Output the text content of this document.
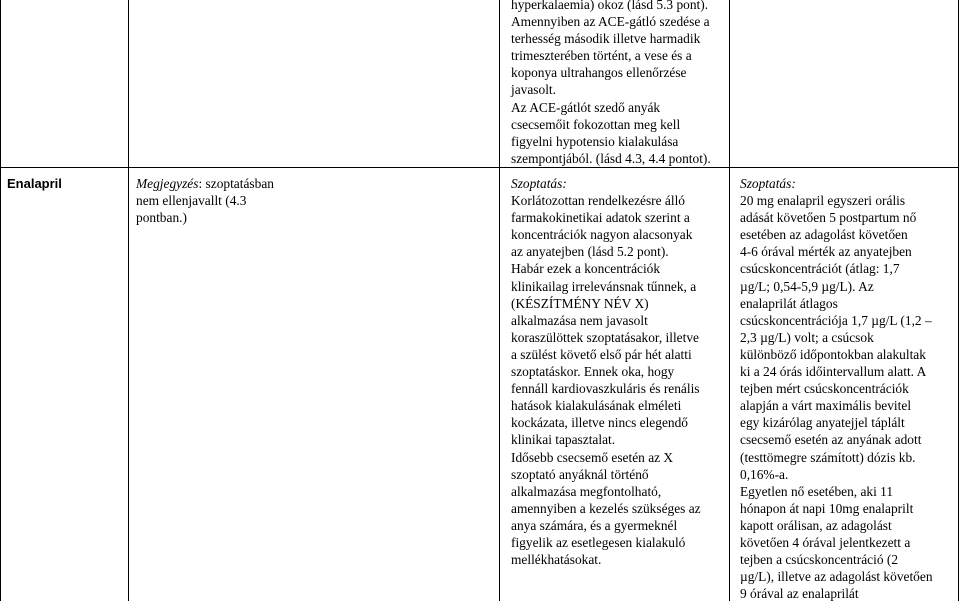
hyperkalaemia) okoz (lásd 5.3 pont).

Amennyiben az ACE-gátló szedése a

terhesség második illetve harmadik

trimeszterében történt, a vese és a

koponya ultrahangos ellenőrzése

javasolt.

Az ACE-gátlót szedő anyák

csecsemőit fokozottan meg kell

figyelni hypotensio kialakulása

szempontjából. (lásd 4.3, 4.4 pontot).

Enalapril	Megjegyzés: szoptatásban nem ellenjavallt (4.3 pontban.)

Szoptatás:

Korlátozottan rendelkezésre álló

farmakokinetikai adatok szerint a

koncentrációk nagyon alacsonyak

az anyatejben (lásd 5.2 pont).

Habár ezek a koncentrációk

klinikailag irrelevánsnak tűnnek, a

(KÉSZÍTMÉNY NÉV X)

alkalmazása nem javasolt

koraszülöttek szoptatásakor, illetve

a szülést követő első pár hét alatti

szoptatáskor. Ennek oka, hogy

fennáll kardiovaszkuláris és renális

hatások kialakulásának elméleti

kockázata, illetve nincs elegendő

klinikai tapasztalat.

Idősebb csecsemő esetén az X

szoptató anyáknál történő

alkalmazása megfontolható,

amennyiben a kezelés szükséges az

anya számára, és a gyermeknél

figyelik az esetlegesen kialakuló

mellékhatásokat.

Szoptatás:

20 mg enalapril egyszeri orális

adását követően 5 postpartum nő

esetében az adagolást követően

4-6 órával mérték az anyatejben

csúcskoncentrációt (átlag: 1,7

µg/L; 0,54-5,9 µg/L). Az

enalaprilát átlagos

csúcskoncentrációja 1,7 µg/L (1,2 –

2,3 µg/L) volt; a csúcsok

különböző időpontokban alakultak

ki a 24 órás időintervallum alatt. A

tejben mért csúcskoncentrációk

alapján a várt maximális bevitel

egy kizárólag anyatejjel táplált

csecsemő esetén az anyának adott

(testtömegre számított) dózis kb.

0,16%-a.

Egyetlen nő esetében, aki 11

hónapon át napi 10mg enalaprilt

kapott orálisan, az adagolást

követően 4 órával jelentkezett a

tejben a csúcskoncentráció (2

µg/L), illetve az adagolást követően

9 órával az enalaprilát
